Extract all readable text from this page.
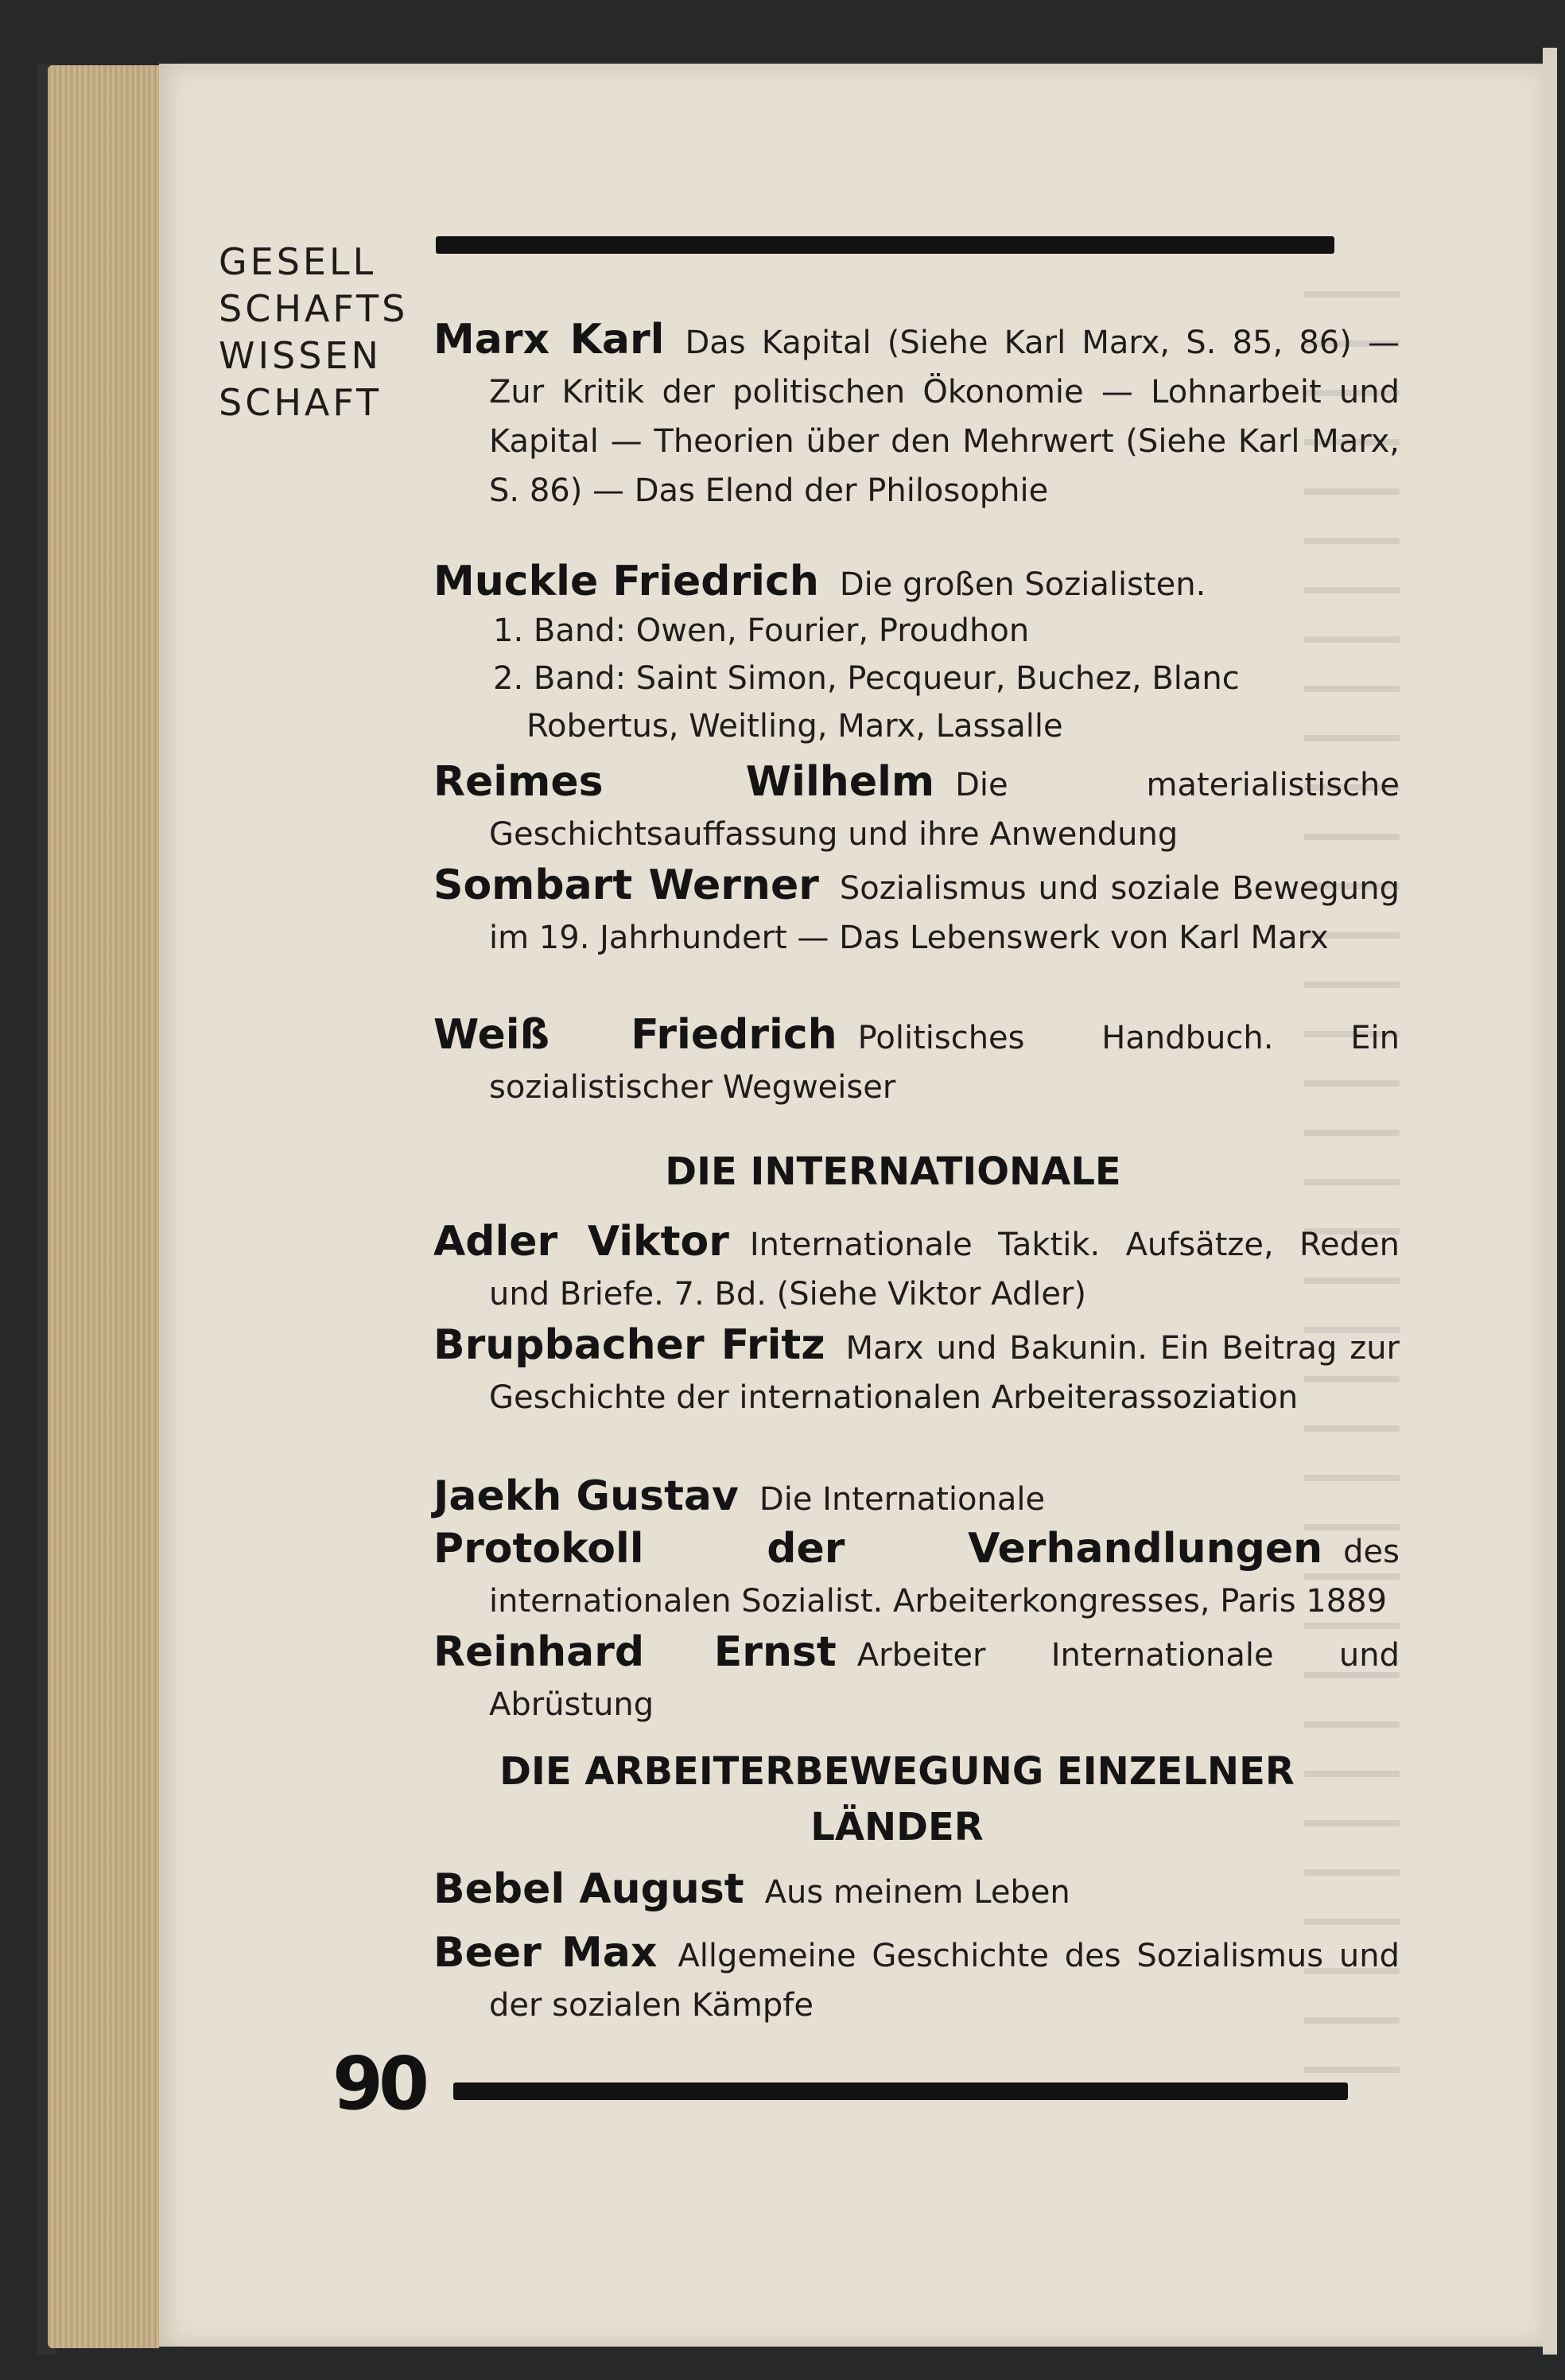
GESELL
SCHAFTS
WISSEN
SCHAFT

Marx Karl Das Kapital (Siehe Karl Marx, S. 85, 86) — Zur Kritik der politischen Ökonomie — Lohnarbeit und Kapital — Theorien über den Mehrwert (Siehe Karl Marx, S. 86) — Das Elend der Philosophie

Muckle Friedrich Die großen Sozialisten.

1. Band: Owen, Fourier, Proudhon

2. Band: Saint Simon, Pecqueur, Buchez, Blanc

Robertus, Weitling, Marx, Lassalle

Reimes Wilhelm Die materialistische Geschichtsauffassung und ihre Anwendung

Sombart Werner Sozialismus und soziale Bewegung im 19. Jahrhundert — Das Lebenswerk von Karl Marx

Weiß Friedrich Politisches Handbuch. Ein sozialistischer Wegweiser

DIE INTERNATIONALE

Adler Viktor Internationale Taktik. Aufsätze, Reden und Briefe. 7. Bd. (Siehe Viktor Adler)

Brupbacher Fritz Marx und Bakunin. Ein Beitrag zur Geschichte der internationalen Arbeiterassoziation

Jaekh Gustav Die Internationale

Protokoll der Verhandlungen des internationalen Sozialist. Arbeiterkongresses, Paris 1889

Reinhard Ernst Arbeiter Internationale und Abrüstung

DIE ARBEITERBEWEGUNG EINZELNER

LÄNDER

Bebel August Aus meinem Leben

Beer Max Allgemeine Geschichte des Sozialismus und der sozialen Kämpfe

90
